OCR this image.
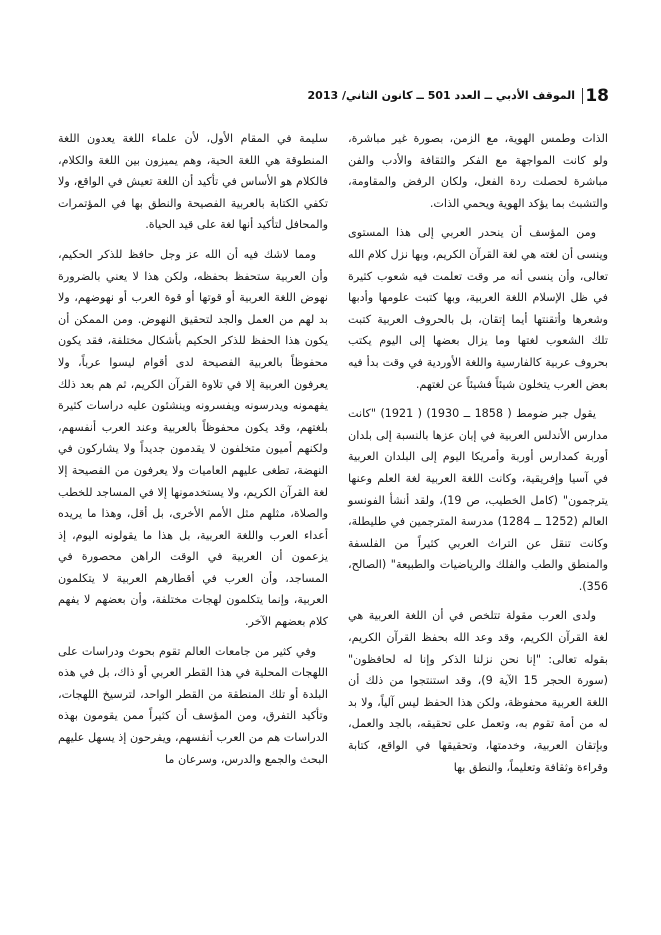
18
الموقف الأدبي ــ العدد 501 ــ كانون الثاني/ 2013

الذات وطمس الهوية، مع الزمن، بصورة غير مباشرة، ولو كانت المواجهة مع الفكر والثقافة والأدب والفن مباشرة لحصلت ردة الفعل، ولكان الرفض والمقاومة، والتشبث بما يؤكد الهوية ويحمي الذات.

ومن المؤسف أن ينحدر العربي إلى هذا المستوى وينسى أن لغته هي لغة القرآن الكريم، وبها نزل كلام الله تعالى، وأن ينسى أنه مر وقت تعلمت فيه شعوب كثيرة في ظل الإسلام اللغة العربية، وبها كتبت علومها وأدبها وشعرها وأتقنتها أيما إتقان، بل بالحروف العربية كتبت تلك الشعوب لغتها وما يزال بعضها إلى اليوم يكتب بحروف عربية كالفارسية واللغة الأوردية في وقت بدأ فيه بعض العرب يتخلون شيئاً فشيئاً عن لغتهم.

يقول جبر ضومط ( 1858 ــ 1930) ( 1921) "كانت مدارس الأندلس العربية في إبان عزها بالنسبة إلى بلدان أوربة كمدارس أوربة وأمريكا اليوم إلى البلدان العربية في آسيا وإفريقية، وكانت اللغة العربية لغة العلم وعنها يترجمون" (كامل الخطيب، ص 19)، ولقد أنشأ الفونسو العالم (1252 ــ 1284) مدرسة المترجمين في طليطلة، وكانت تنقل عن التراث العربي كثيراً من الفلسفة والمنطق والطب والفلك والرياضيات والطبيعة" (الصالح، 356).

ولدى العرب مقولة تتلخص في أن اللغة العربية هي لغة القرآن الكريم، وقد وعد الله بحفظ القرآن الكريم، بقوله تعالى: "إنا نحن نزلنا الذكر وإنا له لحافظون"(سورة الحجر 15 الآية 9)، وقد استنتجوا من ذلك أن اللغة العربية محفوظة، ولكن هذا الحفظ ليس آلياً، ولا بد له من أمة تقوم به، وتعمل على تحقيقه، بالجد والعمل، وبإتقان العربية، وخدمتها، وتحقيقها في الواقع، كتابة وقراءة وثقافة وتعليماً، والنطق بها

سليمة في المقام الأول، لأن علماء اللغة يعدون اللغة المنطوقة هي اللغة الحية، وهم يميزون بين اللغة والكلام، فالكلام هو الأساس في تأكيد أن اللغة تعيش في الواقع، ولا تكفي الكتابة بالعربية الفصيحة والنطق بها في المؤتمرات والمحافل لتأكيد أنها لغة على قيد الحياة.

ومما لاشك فيه أن الله عز وجل حافظ للذكر الحكيم، وأن العربية ستحفظ بحفظه، ولكن هذا لا يعني بالضرورة نهوض اللغة العربية أو قوتها أو قوة العرب أو نهوضهم، ولا بد لهم من العمل والجد لتحقيق النهوض. ومن الممكن أن يكون هذا الحفظ للذكر الحكيم بأشكال مختلفة، فقد يكون محفوظاً بالعربية الفصيحة لدى أقوام ليسوا عرباً، ولا يعرفون العربية إلا في تلاوة القرآن الكريم، ثم هم بعد ذلك يفهمونه ويدرسونه ويفسرونه وينشئون عليه دراسات كثيرة بلغتهم، وقد يكون محفوظاً بالعربية وعند العرب أنفسهم، ولكنهم أميون متخلفون لا يقدمون جديداً ولا يشاركون في النهضة، تطغى عليهم العاميات ولا يعرفون من الفصيحة إلا لغة القرآن الكريم، ولا يستخدمونها إلا في المساجد للخطب والصلاة، مثلهم مثل الأمم الأخرى، بل أقل، وهذا ما يريده أعداء العرب واللغة العربية، بل هذا ما يقولونه اليوم، إذ يزعمون أن العربية في الوقت الراهن محصورة في المساجد، وأن العرب في أقطارهم العربية لا يتكلمون العربية، وإنما يتكلمون لهجات مختلفة، وأن بعضهم لا يفهم كلام بعضهم الآخر.

وفي كثير من جامعات العالم تقوم بحوث ودراسات على اللهجات المحلية في هذا القطر العربي أو ذاك، بل في هذه البلدة أو تلك المنطقة من القطر الواحد، لترسيخ اللهجات، وتأكيد التفرق، ومن المؤسف أن كثيراً ممن يقومون بهذه الدراسات هم من العرب أنفسهم، ويفرحون إذ يسهل عليهم البحث والجمع والدرس، وسرعان ما
